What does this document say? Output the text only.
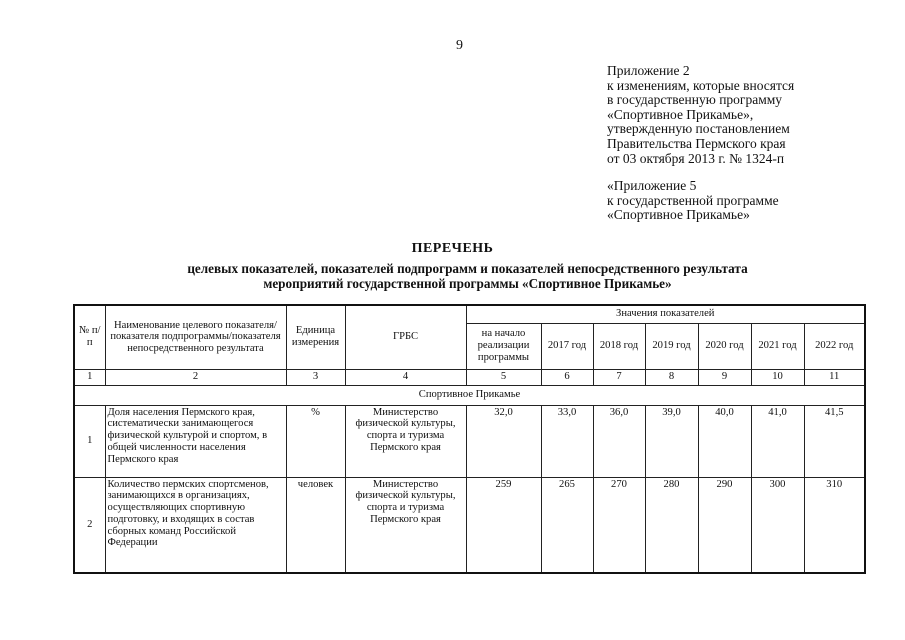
9
Приложение 2
к изменениям, которые вносятся
в государственную программу
«Спортивное Прикамье»,
утвержденную постановлением
Правительства Пермского края
от 03 октября 2013 г. № 1324-п
«Приложение 5
к государственной программе
«Спортивное Прикамье»
ПЕРЕЧЕНЬ
целевых показателей, показателей подпрограмм и показателей непосредственного результата
мероприятий государственной программы «Спортивное Прикамье»
№ п/п	Наименование целевого показателя/показателя подпрограммы/показателя непосредственного результата	Единица измерения	ГРБС	Значения показателей						
				на начало реализации программы	2017 год	2018 год	2019 год	2020 год	2021 год	2022 год
1	2	3	4	5	6	7	8	9	10	11
Спортивное Прикамье										
1	Доля населения Пермского края, систематически занимающегося физической культурой и спортом, в общей численности населения Пермского края	%	Министерство физической культуры, спорта и туризма Пермского края	32,0	33,0	36,0	39,0	40,0	41,0	41,5
2	Количество пермских спортсменов, занимающихся в организациях, осуществляющих спортивную подготовку, и входящих в состав сборных команд Российской Федерации	человек	Министерство физической культуры, спорта и туризма Пермского края	259	265	270	280	290	300	310
